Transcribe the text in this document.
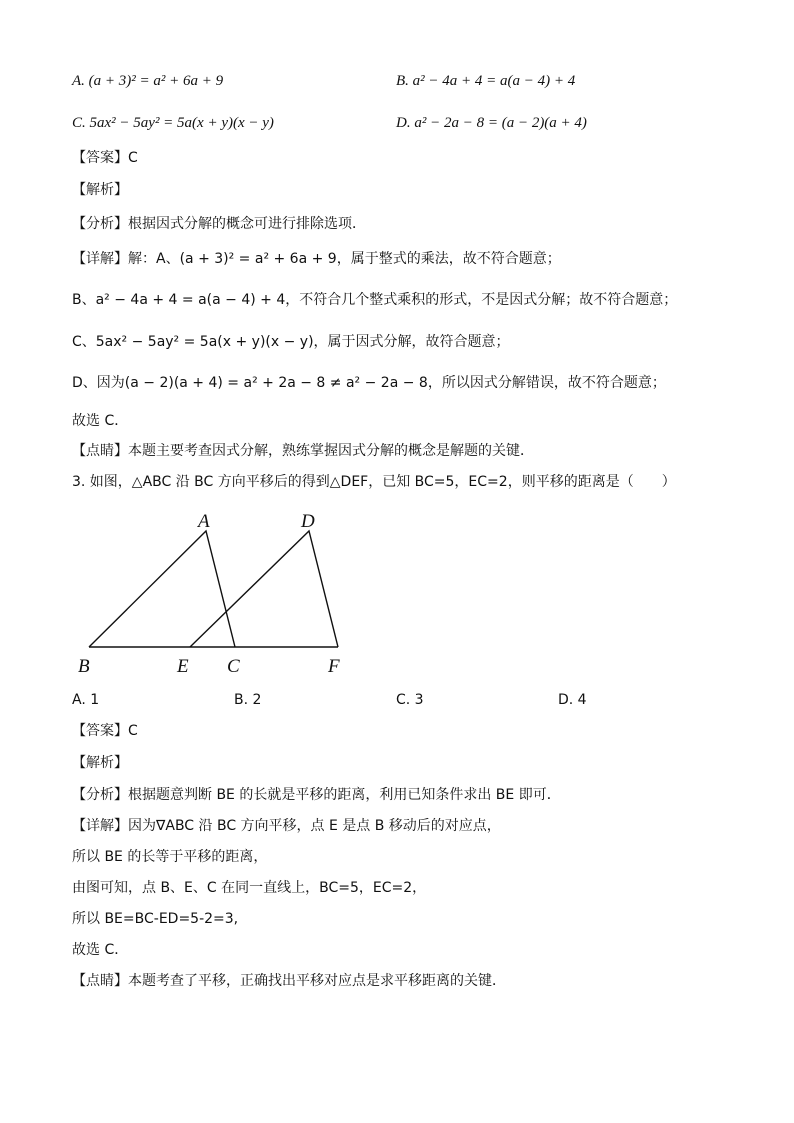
A. (a + 3)² = a² + 6a + 9	B. a² − 4a + 4 = a(a − 4) + 4
C. 5ax² − 5ay² = 5a(x + y)(x − y)	D. a² − 2a − 8 = (a − 2)(a + 4)
【答案】C
【解析】
【分析】根据因式分解的概念可进行排除选项．
【详解】解：A、(a + 3)² = a² + 6a + 9，属于整式的乘法，故不符合题意；
B、a² − 4a + 4 = a(a − 4) + 4，不符合几个整式乘积的形式，不是因式分解；故不符合题意；
C、5ax² − 5ay² = 5a(x + y)(x − y)，属于因式分解，故符合题意；
D、因为(a − 2)(a + 4) = a² + 2a − 8 ≠ a² − 2a − 8，所以因式分解错误，故不符合题意；
故选 C．
【点睛】本题主要考查因式分解，熟练掌握因式分解的概念是解题的关键．
3. 如图，△ABC 沿 BC 方向平移后的得到△DEF，已知 BC=5，EC=2，则平移的距离是（　　）
A	D
B	E C	F
A. 1	B. 2	C. 3	D. 4
【答案】C
【解析】
【分析】根据题意判断 BE 的长就是平移的距离，利用已知条件求出 BE 即可．
【详解】因为∇ABC 沿 BC 方向平移，点 E 是点 B 移动后的对应点，
所以 BE 的长等于平移的距离，
由图可知，点 B、E、C 在同一直线上，BC=5，EC=2，
所以 BE=BC-ED=5-2=3,
故选 C．
【点睛】本题考查了平移，正确找出平移对应点是求平移距离的关键．
